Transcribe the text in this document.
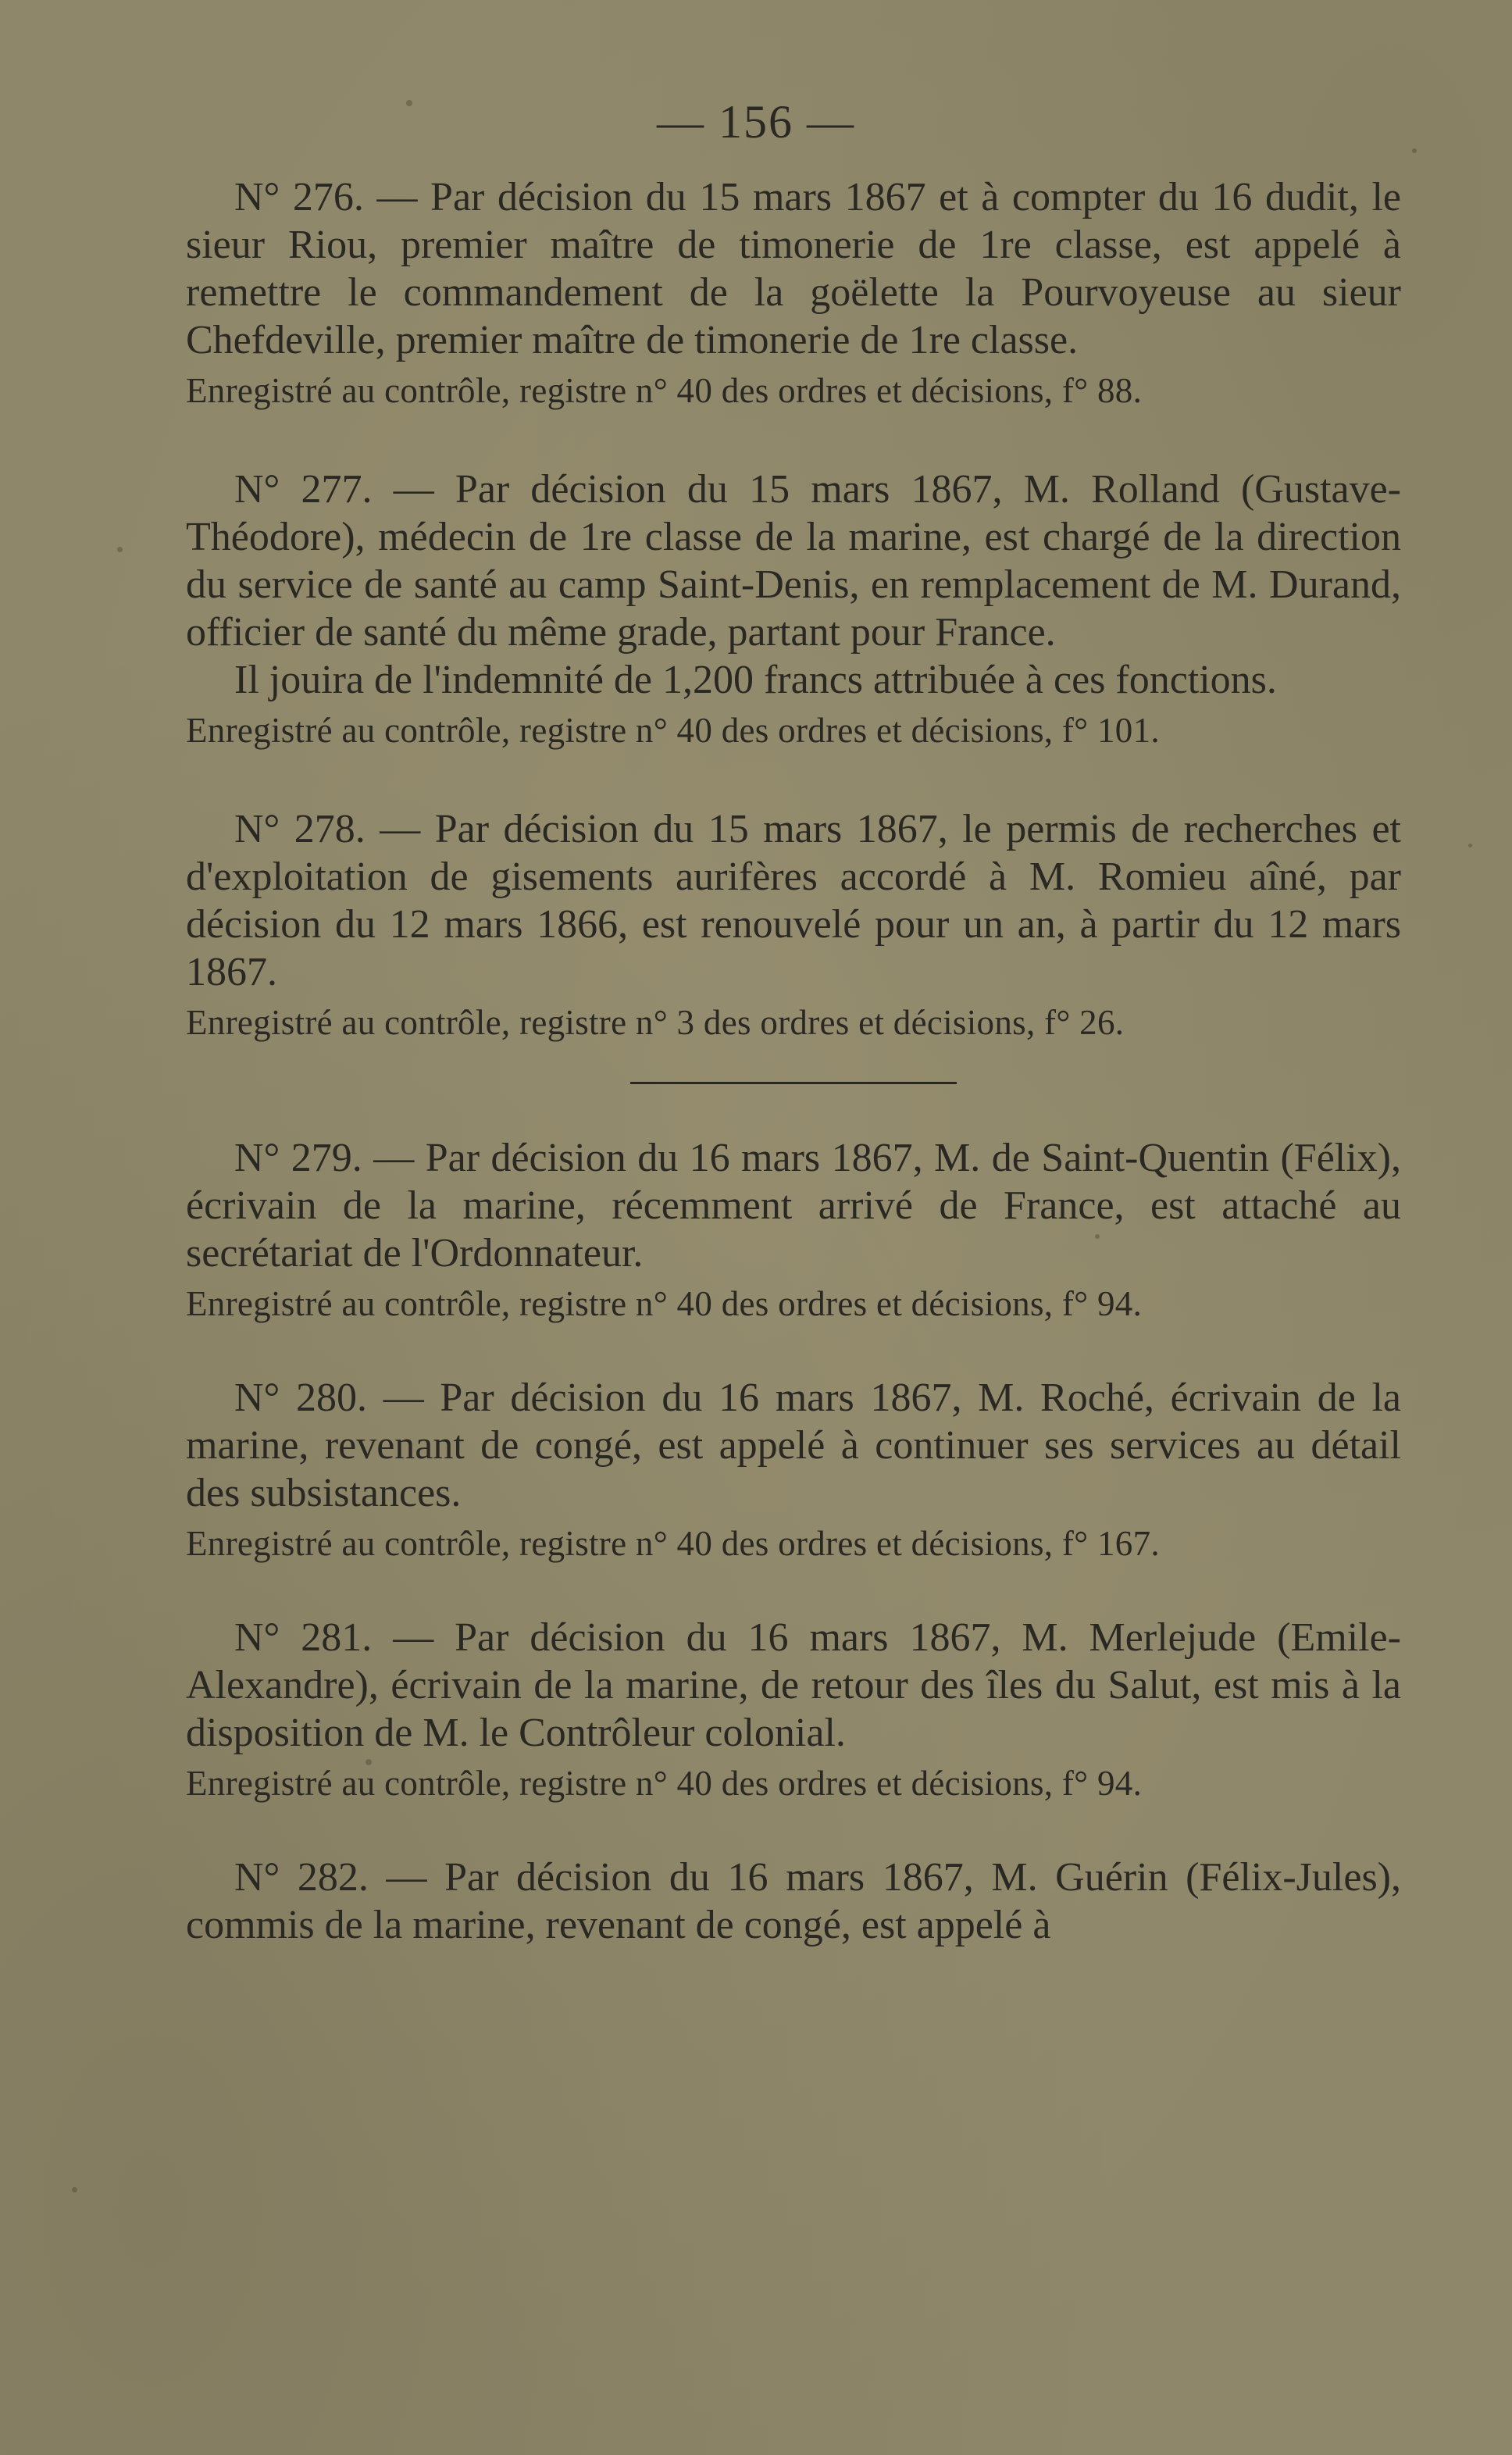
— 156 —

N° 276. — Par décision du 15 mars 1867 et à compter du 16 dudit, le sieur Riou, premier maître de timonerie de 1re classe, est appelé à remettre le commandement de la goëlette la Pourvoyeuse au sieur Chefdeville, premier maître de timonerie de 1re classe.

Enregistré au contrôle, registre n° 40 des ordres et décisions, f° 88.

N° 277. — Par décision du 15 mars 1867, M. Rolland (Gustave-Théodore), médecin de 1re classe de la marine, est chargé de la direction du service de santé au camp Saint-Denis, en remplacement de M. Durand, officier de santé du même grade, partant pour France.

Il jouira de l'indemnité de 1,200 francs attribuée à ces fonctions.

Enregistré au contrôle, registre n° 40 des ordres et décisions, f° 101.

N° 278. — Par décision du 15 mars 1867, le permis de recherches et d'exploitation de gisements aurifères accordé à M. Romieu aîné, par décision du 12 mars 1866, est renouvelé pour un an, à partir du 12 mars 1867.

Enregistré au contrôle, registre n° 3 des ordres et décisions, f° 26.

N° 279. — Par décision du 16 mars 1867, M. de Saint-Quentin (Félix), écrivain de la marine, récemment arrivé de France, est attaché au secrétariat de l'Ordonnateur.

Enregistré au contrôle, registre n° 40 des ordres et décisions, f° 94.

N° 280. — Par décision du 16 mars 1867, M. Roché, écrivain de la marine, revenant de congé, est appelé à continuer ses services au détail des subsistances.

Enregistré au contrôle, registre n° 40 des ordres et décisions, f° 167.

N° 281. — Par décision du 16 mars 1867, M. Merlejude (Emile-Alexandre), écrivain de la marine, de retour des îles du Salut, est mis à la disposition de M. le Contrôleur colonial.

Enregistré au contrôle, registre n° 40 des ordres et décisions, f° 94.

N° 282. — Par décision du 16 mars 1867, M. Guérin (Félix-Jules), commis de la marine, revenant de congé, est appelé à
